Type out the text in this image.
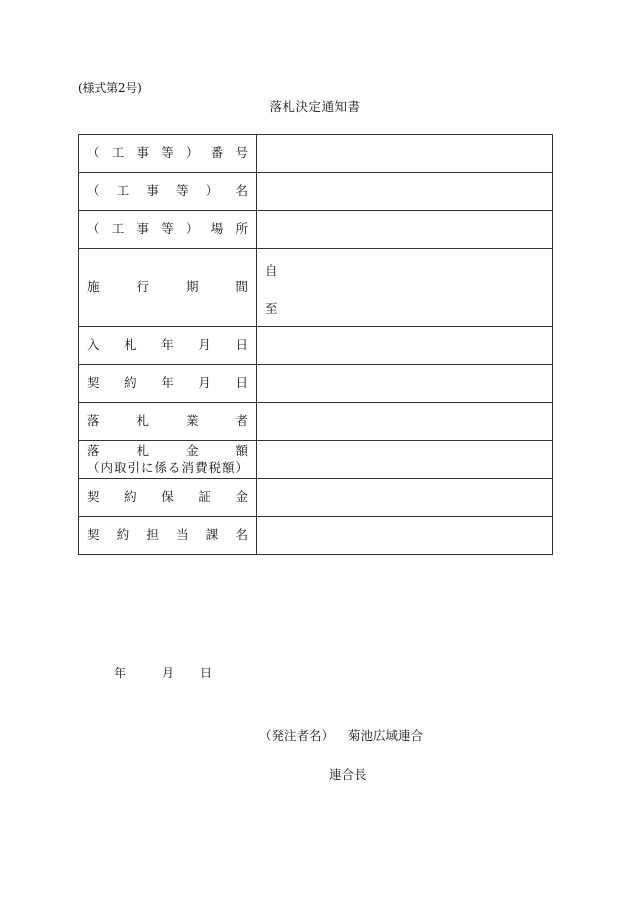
(様式第2号)
落札決定通知書
（ 工 事 等 ） 番 号	
（ 工 事 等 ） 名	
（ 工 事 等 ） 場 所	
施 行 期 間	自
至

入 札 年 月 日	
契 約 年 月 日	
落 札 業 者	

落 札 金 額
（内取引に係る消費税額）	

契 約 保 証 金	
契 約 担 当 課 名	
年	月 日
（発注者名） 菊池広域連合
連合長
